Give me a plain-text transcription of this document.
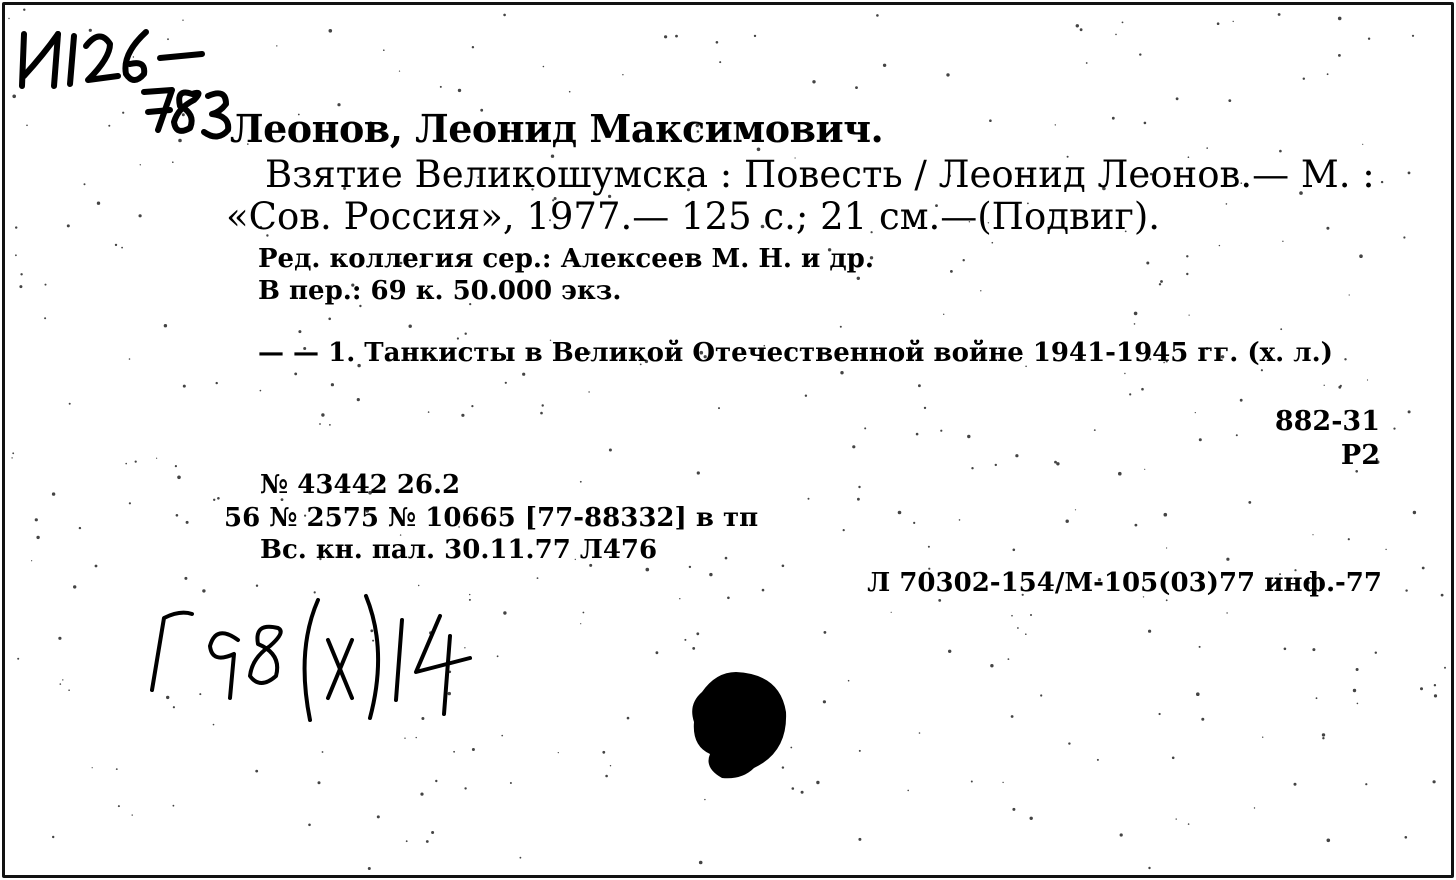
Леонов, Леонид Максимович.
Взятие Великошумска : Повесть / Леонид Леонов.— М. :
«Сов. Россия», 1977.— 125 с.; 21 см.—(Подвиг).
Ред. коллегия сер.: Алексеев М. Н. и др.
В пер.: 69 к. 50.000 экз.
— — 1. Танкисты в Великой Отечественной войне 1941-1945 гг. (х. л.)
882-31
Р2
№ 43442 26.2
56 № 2575 № 10665 [77-88332] в тп
Вс. кн. пал. 30.11.77 Л476
Л 70302-154/М-105(03)77 инф.-77
